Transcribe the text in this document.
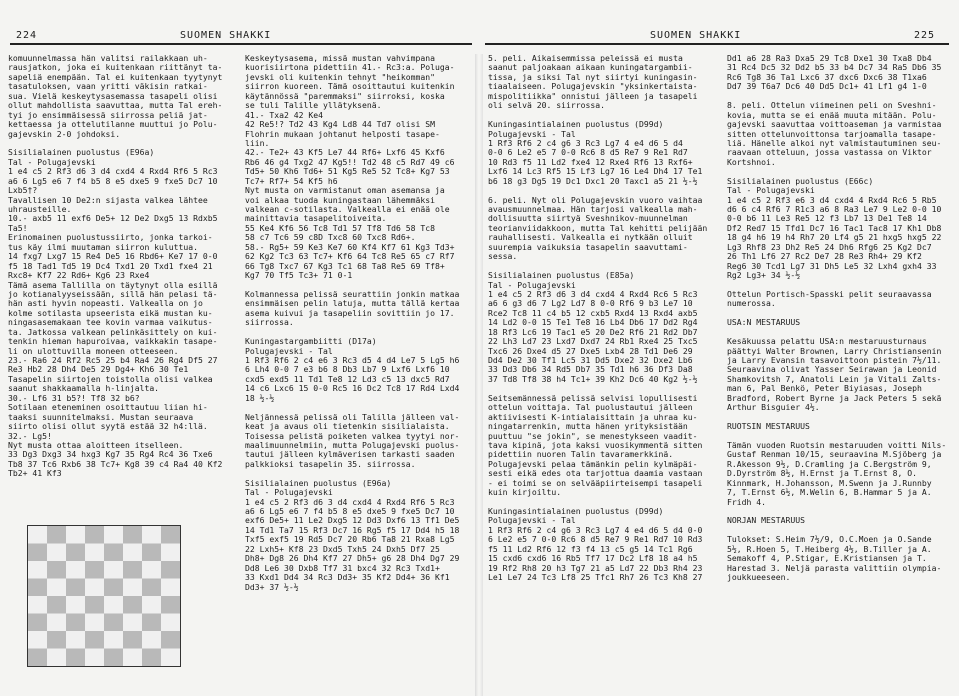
224	SUOMEN SHAKKI	SUOMEN SHAKKI	225
komuunnelmassa hän valitsi railakkaan uh-
rausjatkon, joka ei kuitenkaan riittänyt ta-
sapeliä enempään. Tal ei kuitenkaan tyytynyt
tasatuloksen, vaan yritti väkisin ratkai-
sua. Vielä keskeytysasemassa tasapeli olisi
ollut mahdollista saavuttaa, mutta Tal ereh-
tyi jo ensimmäisessä siirrossa peliä jat-
kettaessa ja ottelutilanne muuttui jo Polu-
gajevskin 2-0 johdoksi.
Sisilialainen puolustus (E96a)
Tal - Polugajevski
1 e4 c5 2 Rf3 d6 3 d4 cxd4 4 Rxd4 Rf6 5 Rc3
a6 6 Lg5 e6 7 f4 b5 8 e5 dxe5 9 fxe5 Dc7 10
Lxb5†?
Tavallisen 10 De2:n sijasta valkea lähtee
uhrausteille.
10.- axb5 11 exf6 De5+ 12 De2 Dxg5 13 Rdxb5
Ta5!
Erinomainen puolustussiirto, jonka tarkoi-
tus käy ilmi muutaman siirron kuluttua.
14 fxg7 Lxg7 15 Re4 De5 16 Rbd6+ Ke7 17 0-0
f5 18 Tad1 Td5 19 Dc4 Txd1 20 Txd1 fxe4 21
Rxc8+ Kf7 22 Rd6+ Kg6 23 Rxe4
Tämä asema Tallilla on täytynyt olla esillä
jo kotianalyyseissään, sillä hän pelasi tä-
hän asti hyvin nopeasti. Valkealla on jo
kolme sotilasta upseerista eikä mustan ku-
ningasasemakaan tee kovin varmaa vaikutus-
ta. Jatkossa valkean pelinkäsittely on kui-
tenkin hieman hapuroivaa, vaikkakin tasape-
li on ulottuvilla moneen otteeseen.
23.- Ra6 24 Rf2 Rc5 25 b4 Ra4 26 Rg4 Df5 27
Re3 Hb2 28 Dh4 De5 29 Dg4+ Kh6 30 Te1
Tasapelin siirtojen toistolla olisi valkea
saanut shakkaamalla h-linjalta.
30.- Lf6 31 b5?! Tf8 32 b6?
Sotilaan eteneminen osoittautuu liian hi-
taaksi suunnitelmaksi. Mustan seuraava
siirto olisi ollut syytä estää 32 h4:llä.
32.- Lg5!
Nyt musta ottaa aloitteen itselleen.
33 Dg3 Dxg3 34 hxg3 Kg7 35 Rg4 Rc4 36 Txe6
Tb8 37 Tc6 Rxb6 38 Tc7+ Kg8 39 c4 Ra4 40 Kf2
Tb2+ 41 Kf3
Keskeytysasema, missä mustan vahvimpana
kuorisiirtona pidettiin 41.- Rc3:a. Poluga-
jevski oli kuitenkin tehnyt "heikomman"
siirron kuoreen. Tämä osoittautui kuitenkin
käytännössä "paremmaksi" siirroksi, koska
se tuli Talille yllätyksenä.
41.- Txa2 42 Ke4
42 Re5!? Td2 43 Kg4 Ld8 44 Td7 olisi SM
Flohrin mukaan johtanut helposti tasape-
liin.
42.- Te2+ 43 Kf5 Le7 44 Rf6+ Lxf6 45 Kxf6
Rb6 46 g4 Txg2 47 Kg5!! Td2 48 c5 Rd7 49 c6
Td5+ 50 Kh6 Td6+ 51 Kg5 Re5 52 Tc8+ Kg7 53
Tc7+ Rf7+ 54 Kf5 h6
Nyt musta on varmistanut oman asemansa ja
voi alkaa tuoda kuningastaan lähemmäksi
valkean c-sotilasta. Valkealla ei enää ole
mainittavia tasapelitoiveita.
55 Ke4 Kf6 56 Tc8 Td1 57 Tf8 Td6 58 Tc8
58 c7 Tc6 59 c8D Txc8 60 Txc8 Rd6+.
58.- Rg5+ 59 Ke3 Ke7 60 Kf4 Kf7 61 Kg3 Td3+
62 Kg2 Tc3 63 Tc7+ Kf6 64 Tc8 Re5 65 c7 Rf7
66 Tg8 Txc7 67 Kg3 Tc1 68 Ta8 Re5 69 Tf8+
Kg7 70 Tf5 Tc3+ 71 0-1
Kolmannessa pelissä seurattiin jonkin matkaa
ensimmäisen pelin latuja, mutta tällä kertaa
asema kuivui ja tasapeliin sovittiin jo 17.
siirrossa.
Kuningastargambiitti (D17a)
Polugajevski - Tal
1 Rf3 Rf6 2 c4 e6 3 Rc3 d5 4 d4 Le7 5 Lg5 h6
6 Lh4 0-0 7 e3 b6 8 Db3 Lb7 9 Lxf6 Lxf6 10
cxd5 exd5 11 Td1 Te8 12 Ld3 c5 13 dxc5 Rd7
14 c6 Lxc6 15 0-0 Rc5 16 Dc2 Tc8 17 Rd4 Lxd4
18 ½-½
Neljännessä pelissä oli Talilla jälleen val-
keat ja avaus oli tietenkin sisilialaista.
Toisessa pelistä poiketen valkea tyytyi nor-
maalimuunnelmiin, mutta Polugajevski puolus-
tautui jälleen kylmäverisen tarkasti saaden
palkkioksi tasapelin 35. siirrossa.
Sisilialainen puolustus (E96a)
Tal - Polugajevski
1 e4 c5 2 Rf3 d6 3 d4 cxd4 4 Rxd4 Rf6 5 Rc3
a6 6 Lg5 e6 7 f4 b5 8 e5 dxe5 9 fxe5 Dc7 10
exf6 De5+ 11 Le2 Dxg5 12 Dd3 Dxf6 13 Tf1 De5
14 Td1 Ta7 15 Rf3 Dc7 16 Rg5 f5 17 Dd4 h5 18
Txf5 exf5 19 Rd5 Dc7 20 Rb6 Ta8 21 Rxa8 Lg5
22 Lxh5+ Kf8 23 Dxd5 Txh5 24 Dxh5 Df7 25
Dh8+ Dg8 26 Dh4 Kf7 27 Dh5+ g6 28 Dh4 Dg7 29
Dd8 Le6 30 Dxb8 Tf7 31 bxc4 32 Rc3 Txd1+
33 Kxd1 Dd4 34 Rc3 Dd3+ 35 Kf2 Dd4+ 36 Kf1
Dd3+ 37 ½-½
5. peli. Aikaisemmissa peleissä ei musta
saanut paljoakaan aikaan kuningatargambii-
tissa, ja siksi Tal nyt siirtyi kuningasin-
tiaalaiseen. Polugajevskin "yksinkertaista-
mispolitiikka" onnistui jälleen ja tasapeli
oli selvä 20. siirrossa.
Kuningasintialainen puolustus (D99d)
Polugajevski - Tal
1 Rf3 Rf6 2 c4 g6 3 Rc3 Lg7 4 e4 d6 5 d4
0-0 6 Le2 e5 7 0-0 Rc6 8 d5 Re7 9 Re1 Rd7
10 Rd3 f5 11 Ld2 fxe4 12 Rxe4 Rf6 13 Rxf6+
Lxf6 14 Lc3 Rf5 15 Lf3 Lg7 16 Le4 Dh4 17 Te1
b6 18 g3 Dg5 19 Dc1 Dxc1 20 Taxc1 a5 21 ½-½
6. peli. Nyt oli Polugajevskin vuoro vaihtaa
avausmuunnelmaa. Hän tarjosi valkealla mah-
dollisuutta siirtyä Sveshnikov-muunnelman
teorianviidakkoon, mutta Tal kehitti pelijään
rauhallisesti. Valkealla ei nytkään olluit
suurempia vaikuksia tasapelin saavuttami-
sessa.
Sisilialainen puolustus (E85a)
Tal - Polugajevski
1 e4 c5 2 Rf3 d6 3 d4 cxd4 4 Rxd4 Rc6 5 Rc3
a6 6 g3 d6 7 Lg2 Ld7 8 0-0 Rf6 9 b3 Le7 10
Rce2 Tc8 11 c4 b5 12 cxb5 Rxd4 13 Rxd4 axb5
14 Ld2 0-0 15 Te1 Te8 16 Lb4 Db6 17 Dd2 Rg4
18 Rf3 Lc6 19 Tac1 e5 20 De2 Rf6 21 Rd2 Db7
22 Lh3 Ld7 23 Lxd7 Dxd7 24 Rb1 Rxe4 25 Txc5
Txc6 26 Dxe4 d5 27 Dxe5 Lxb4 28 Td1 De6 29
Dd4 De2 30 Tf1 Lc5 31 Dd5 Dxe2 32 Dxe2 Lb6
33 Dd3 Db6 34 Rd5 Db7 35 Td1 h6 36 Df3 Da8
37 Td8 Tf8 38 h4 Tc1+ 39 Kh2 Dc6 40 Kg2 ½-½
Seitsemännessä pelissä selvisi lopullisesti
ottelun voittaja. Tal puolustautui jälleen
aktiivisesti K-intialaisittain ja uhraa ku-
ningatarrenkin, mutta hänen yrityksistään
puuttuu "se jokin", se menestykseen vaadit-
tava kipinä, jota kaksi vuosikymmentä sitten
pidettiin nuoren Talin tavaramerkkinä.
Polugajevski pelaa tämänkin pelin kylmäpäi-
sesti eikä edes ota tarjottua daamia vastaan
- ei toimi se on selvääpiirteisempi tasapeli
kuin kirjoiltu.
Kuningasintialainen puolustus (D99d)
Polugajevski - Tal
1 Rf3 Rf6 2 c4 g6 3 Rc3 Lg7 4 e4 d6 5 d4 0-0
6 Le2 e5 7 0-0 Rc6 8 d5 Re7 9 Re1 Rd7 10 Rd3
f5 11 Ld2 Rf6 12 f3 f4 13 c5 g5 14 Tc1 Rg6
15 cxd6 cxd6 16 Rb5 Tf7 17 Dc2 Lf8 18 a4 h5
19 Rf2 Rh8 20 h3 Tg7 21 a5 Ld7 22 Db3 Rh4 23
Le1 Le7 24 Tc3 Lf8 25 Tfc1 Rh7 26 Tc3 Kh8 27
Dd1 a6 28 Ra3 Dxa5 29 Tc8 Dxe1 30 Txa8 Db4
31 Rc4 Dc5 32 Dd2 b5 33 b4 Dc7 34 Ra5 Db6 35
Rc6 Tg8 36 Ta1 Lxc6 37 dxc6 Dxc6 38 T1xa6
Dd7 39 T6a7 Dc6 40 Dd5 Dc1+ 41 Lf1 g4 1-0
8. peli. Ottelun viimeinen peli on Sveshni-
kovia, mutta se ei enää muuta mitään. Polu-
gajevski saavuttaa voittoaseman ja varmistaa
sitten ottelunvoittonsa tarjoamalla tasape-
liä. Hänelle alkoi nyt valmistautuminen seu-
raavaan otteluun, jossa vastassa on Viktor
Kortshnoi.
Sisilialainen puolustus (E66c)
Tal - Polugajevski
1 e4 c5 2 Rf3 e6 3 d4 cxd4 4 Rxd4 Rc6 5 Rb5
d6 6 c4 Rf6 7 R1c3 a6 8 Ra3 Le7 9 Le2 0-0 10
0-0 b6 11 Le3 Re5 12 f3 Lb7 13 De1 Te8 14
Df2 Red7 15 Tfd1 Dc7 16 Tac1 Tac8 17 Kh1 Db8
18 g4 h6 19 h4 Rh7 20 Lf4 g5 21 hxg5 hxg5 22
Lg3 Rhf8 23 Dh2 Re5 24 Dh6 Rfg6 25 Kg2 Dc7
26 Th1 Lf6 27 Rc2 De7 28 Re3 Rh4+ 29 Kf2
Reg6 30 Tcd1 Lg7 31 Dh5 Le5 32 Lxh4 gxh4 33
Rg2 Lg3+ 34 ½-½
Ottelun Portisch-Spasski pelit seuraavassa
numerossa.
USA:N MESTARUUS
Kesäkuussa pelattu USA:n mestaruusturnaus
päättyi Walter Brownen, Larry Christiansenin
ja Larry Evansin tasavoittoon pistein 7½/11.
Seuraavina olivat Yasser Seirawan ja Leonid
Shamkovitsh 7, Anatoli Lein ja Vitali Zalts-
man 6, Pal Benkö, Peter Biyiasas, Joseph
Bradford, Robert Byrne ja Jack Peters 5 sekä
Arthur Bisguier 4½.
RUOTSIN MESTARUUS
Tämän vuoden Ruotsin mestaruuden voitti Nils-
Gustaf Renman 10/15, seuraavina M.Sjöberg ja
R.Akesson 9½, D.Cramling ja C.Bergström 9,
D.Dyrström 8½, H.Ernst ja T.Ernst 8, O.
Kinnmark, H.Johansson, M.Swenn ja J.Runnby
7, T.Ernst 6½, M.Welin 6, B.Hammar 5 ja A.
Fridh 4.
NORJAN MESTARUUS
Tulokset: S.Heim 7½/9, O.C.Moen ja O.Sande
5½, R.Hoen 5, T.Heiberg 4½, B.Tiller ja A.
Semakoff 4, P.Stigar, E.Kristiansen ja T.
Harestad 3. Neljä parasta valittiin olympia-
joukkueeseen.
